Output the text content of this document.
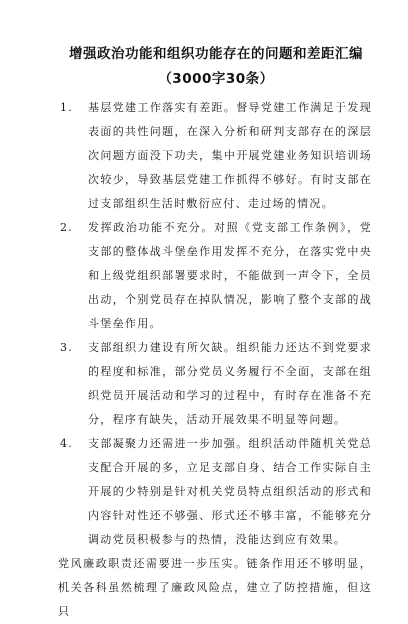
增强政治功能和组织功能存在的问题和差距汇编（3000字30条）
1.	基层党建工作落实有差距。督导党建工作满足于发现表面的共性问题，在深入分析和研判支部存在的深层次问题方面没下功夫，集中开展党建业务知识培训场次较少，导致基层党建工作抓得不够好。有时支部在过支部组织生活时敷衍应付、走过场的情况。
2.	发挥政治功能不充分。对照《党支部工作条例》，党支部的整体战斗堡垒作用发挥不充分，在落实党中央和上级党组织部署要求时，不能做到一声令下，全员出动，个别党员存在掉队情况，影响了整个支部的战斗堡垒作用。
3.	支部组织力建设有所欠缺。组织能力还达不到党要求的程度和标准，部分党员义务履行不全面，支部在组织党员开展活动和学习的过程中，有时存在准备不充分，程序有缺失，活动开展效果不明显等问题。
4.	支部凝聚力还需进一步加强。组织活动伴随机关党总支配合开展的多，立足支部自身、结合工作实际自主开展的少特别是针对机关党员特点组织活动的形式和内容针对性还不够强、形式还不够丰富，不能够充分调动党员积极参与的热情，没能达到应有效果。

党风廉政职责还需要进一步压实。链条作用还不够明显，机关各科虽然梳理了廉政风险点，建立了防控措施，但这只
